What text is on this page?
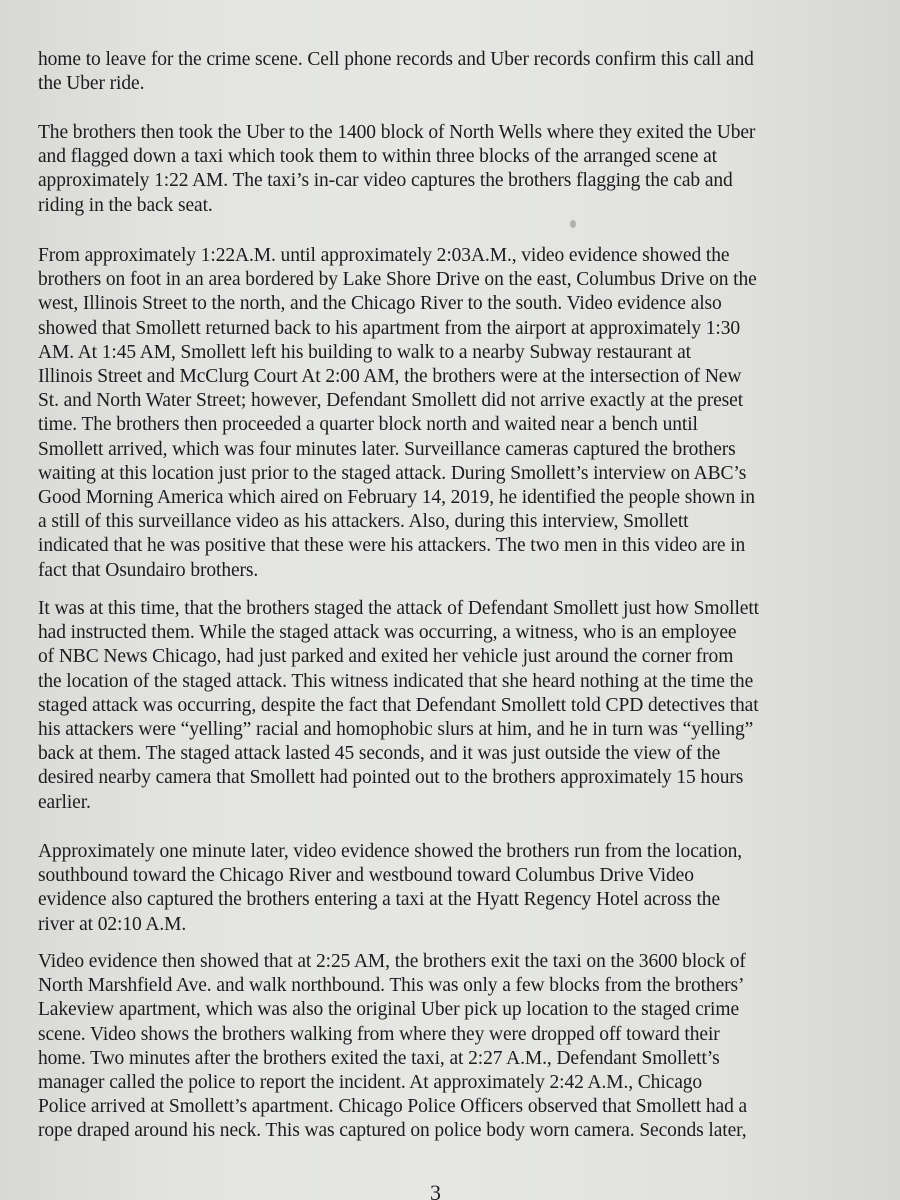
home to leave for the crime scene. Cell phone records and Uber records confirm this call and
the Uber ride.

The brothers then took the Uber to the 1400 block of North Wells where they exited the Uber
and flagged down a taxi which took them to within three blocks of the arranged scene at
approximately 1:22 AM. The taxi’s in-car video captures the brothers flagging the cab and
riding in the back seat.

From approximately 1:22A.M. until approximately 2:03A.M., video evidence showed the
brothers on foot in an area bordered by Lake Shore Drive on the east, Columbus Drive on the
west, Illinois Street to the north, and the Chicago River to the south. Video evidence also
showed that Smollett returned back to his apartment from the airport at approximately 1:30
AM. At 1:45 AM, Smollett left his building to walk to a nearby Subway restaurant at
Illinois Street and McClurg Court At 2:00 AM, the brothers were at the intersection of New
St. and North Water Street; however, Defendant Smollett did not arrive exactly at the preset
time. The brothers then proceeded a quarter block north and waited near a bench until
Smollett arrived, which was four minutes later. Surveillance cameras captured the brothers
waiting at this location just prior to the staged attack. During Smollett’s interview on ABC’s
Good Morning America which aired on February 14, 2019, he identified the people shown in
a still of this surveillance video as his attackers. Also, during this interview, Smollett
indicated that he was positive that these were his attackers. The two men in this video are in
fact that Osundairo brothers.

It was at this time, that the brothers staged the attack of Defendant Smollett just how Smollett
had instructed them. While the staged attack was occurring, a witness, who is an employee
of NBC News Chicago, had just parked and exited her vehicle just around the corner from
the location of the staged attack. This witness indicated that she heard nothing at the time the
staged attack was occurring, despite the fact that Defendant Smollett told CPD detectives that
his attackers were “yelling” racial and homophobic slurs at him, and he in turn was “yelling”
back at them. The staged attack lasted 45 seconds, and it was just outside the view of the
desired nearby camera that Smollett had pointed out to the brothers approximately 15 hours
earlier.

Approximately one minute later, video evidence showed the brothers run from the location,
southbound toward the Chicago River and westbound toward Columbus Drive Video
evidence also captured the brothers entering a taxi at the Hyatt Regency Hotel across the
river at 02:10 A.M.

Video evidence then showed that at 2:25 AM, the brothers exit the taxi on the 3600 block of
North Marshfield Ave. and walk northbound. This was only a few blocks from the brothers’
Lakeview apartment, which was also the original Uber pick up location to the staged crime
scene. Video shows the brothers walking from where they were dropped off toward their
home. Two minutes after the brothers exited the taxi, at 2:27 A.M., Defendant Smollett’s
manager called the police to report the incident. At approximately 2:42 A.M., Chicago
Police arrived at Smollett’s apartment. Chicago Police Officers observed that Smollett had a
rope draped around his neck. This was captured on police body worn camera. Seconds later,

3
